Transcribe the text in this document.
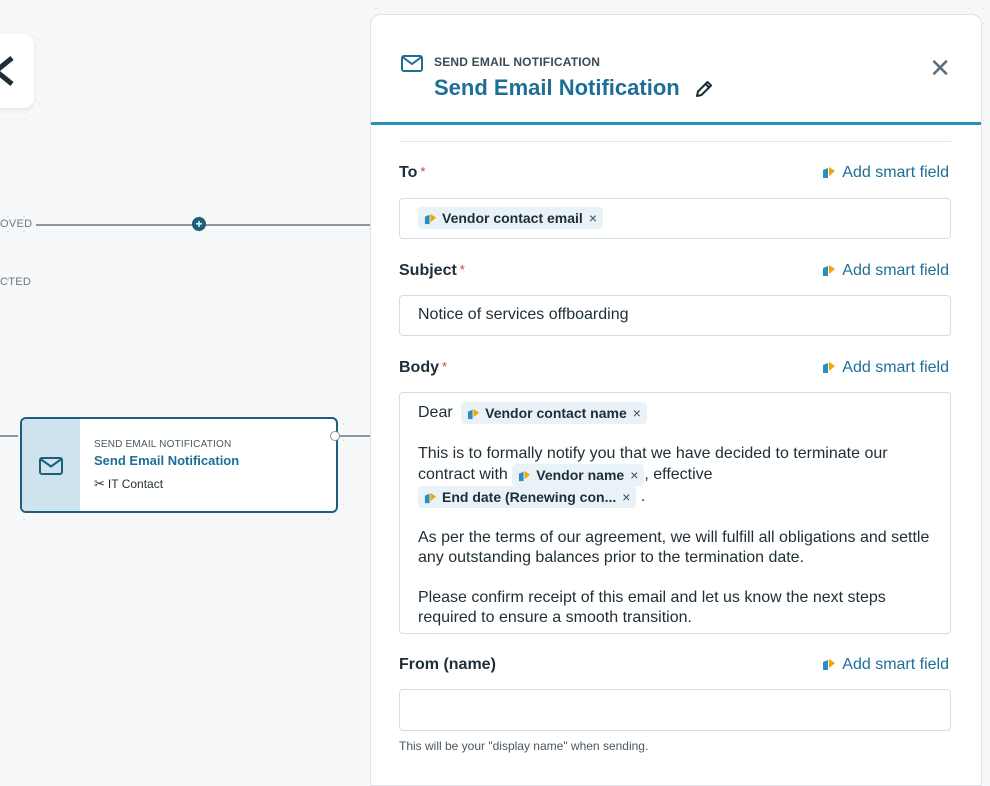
OVED	+
CTED
SEND EMAIL NOTIFICATION
Send Email Notification
✂ IT Contact
SEND EMAIL NOTIFICATION
Send Email Notification
✕
To *	Add smart field
Vendor contact email ×
Subject *	Add smart field
Notice of services offboarding
Body *	Add smart field

Dear Vendor contact name ×

This is to formally notify you that we have decided to terminate our contract with Vendor name × , effective
End date (Renewing con... × .

As per the terms of our agreement, we will fulfill all obligations and settle any outstanding balances prior to the termination date.

Please confirm receipt of this email and let us know the next steps required to ensure a smooth transition.

From (name)	Add smart field
This will be your "display name" when sending.
